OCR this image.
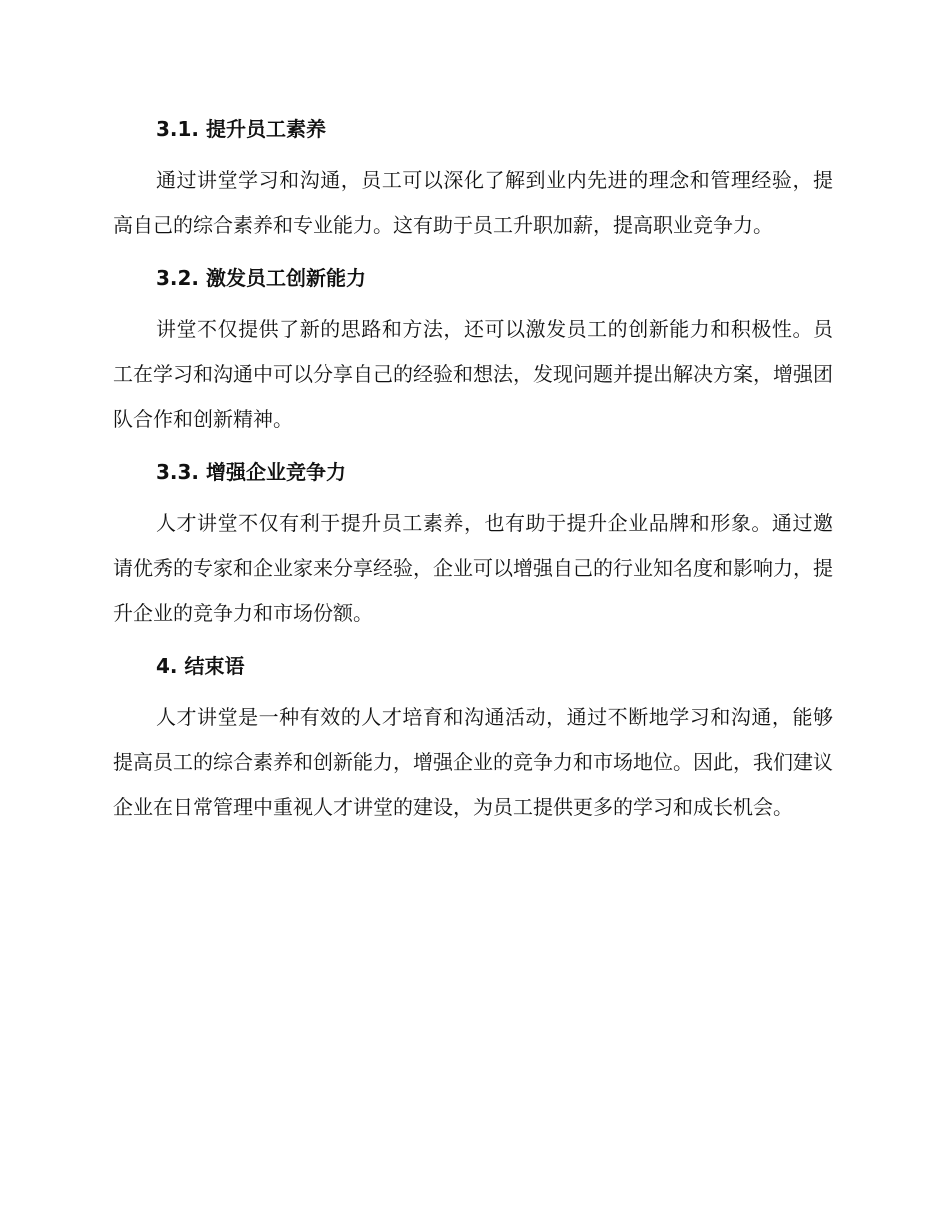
3.1. 提升员工素养

通过讲堂学习和沟通，员工可以深化了解到业内先进的理念和管理经验，提高自己的综合素养和专业能力。这有助于员工升职加薪，提高职业竞争力。

3.2. 激发员工创新能力

讲堂不仅提供了新的思路和方法，还可以激发员工的创新能力和积极性。员工在学习和沟通中可以分享自己的经验和想法，发现问题并提出解决方案，增强团队合作和创新精神。

3.3. 增强企业竞争力

人才讲堂不仅有利于提升员工素养，也有助于提升企业品牌和形象。通过邀请优秀的专家和企业家来分享经验，企业可以增强自己的行业知名度和影响力，提升企业的竞争力和市场份额。

4. 结束语

人才讲堂是一种有效的人才培育和沟通活动，通过不断地学习和沟通，能够提高员工的综合素养和创新能力，增强企业的竞争力和市场地位。因此，我们建议企业在日常管理中重视人才讲堂的建设，为员工提供更多的学习和成长机会。
